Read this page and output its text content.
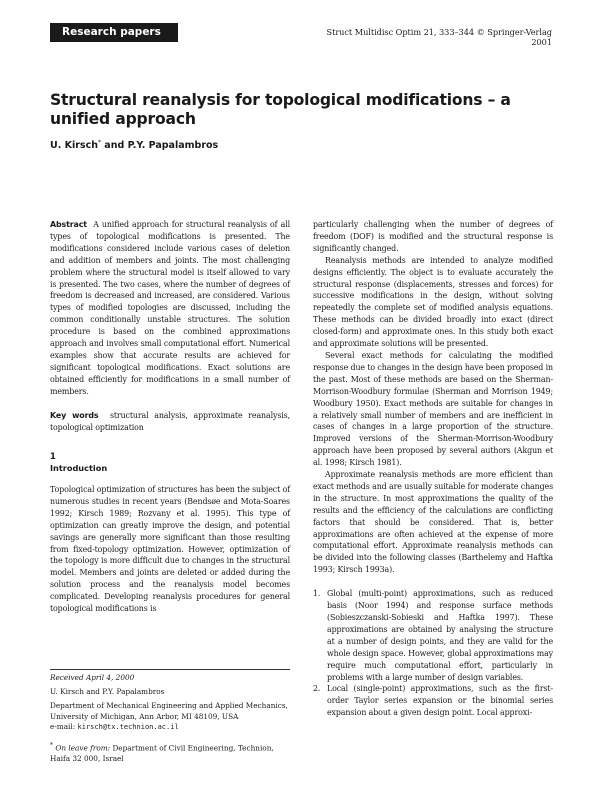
Research papers	Struct Multidisc Optim 21, 333–344 © Springer-Verlag 2001
Structural reanalysis for topological modifications – a unified approach
U. Kirsch* and P.Y. Papalambros

Abstract A unified approach for structural reanalysis of all types of topological modifications is presented. The modifications considered include various cases of deletion and addition of members and joints. The most challenging problem where the structural model is itself allowed to vary is presented. The two cases, where the number of degrees of freedom is decreased and increased, are considered. Various types of modified topologies are discussed, including the common conditionally unstable structures. The solution procedure is based on the combined approximations approach and involves small computational effort. Numerical examples show that accurate results are achieved for significant topological modifications. Exact solutions are obtained efficiently for modifications in a small number of members.

Key words structural analysis, approximate reanalysis, topological optimization

1
Introduction
Topological optimization of structures has been the subject of numerous studies in recent years (Bendsøe and Mota-Soares 1992; Kirsch 1989; Rozvany et al. 1995). This type of optimization can greatly improve the design, and potential savings are generally more significant than those resulting from fixed-topology optimization. However, optimization of the topology is more difficult due to changes in the structural model. Members and joints are deleted or added during the solution process and the reanalysis model becomes complicated. Developing reanalysis procedures for general topological modifications is
Received April 4, 2000
U. Kirsch and P.Y. Papalambros
Department of Mechanical Engineering and Applied Mechanics, University of Michigan, Ann Arbor, MI 48109, USA
e-mail: kirsch@tx.technion.ac.il
* On leave from: Department of Civil Engineering, Technion, Haifa 32 000, Israel

particularly challenging when the number of degrees of freedom (DOF) is modified and the structural response is significantly changed.

Reanalysis methods are intended to analyze modified designs efficiently. The object is to evaluate accurately the structural response (displacements, stresses and forces) for successive modifications in the design, without solving repeatedly the complete set of modified analysis equations. These methods can be divided broadly into exact (direct closed-form) and approximate ones. In this study both exact and approximate solutions will be presented.

Several exact methods for calculating the modified response due to changes in the design have been proposed in the past. Most of these methods are based on the Sherman-Morrison-Woodbury formulae (Sherman and Morrison 1949; Woodbury 1950). Exact methods are suitable for changes in a relatively small number of members and are inefficient in cases of changes in a large proportion of the structure. Improved versions of the Sherman-Morrison-Woodbury approach have been proposed by several authors (Akgun et al. 1998; Kirsch 1981).

Approximate reanalysis methods are more efficient than exact methods and are usually suitable for moderate changes in the structure. In most approximations the quality of the results and the efficiency of the calculations are conflicting factors that should be considered. That is, better approximations are often achieved at the expense of more computational effort. Approximate reanalysis methods can be divided into the following classes (Barthelemy and Haftka 1993; Kirsch 1993a).

1. Global (multi-point) approximations, such as reduced basis (Noor 1994) and response surface methods (Sobieszczanski-Sobieski and Haftka 1997). These approximations are obtained by analysing the structure at a number of design points, and they are valid for the whole design space. However, global approximations may require much computational effort, particularly in problems with a large number of design variables.
2. Local (single-point) approximations, such as the first-order Taylor series expansion or the binomial series expansion about a given design point. Local approxi-
